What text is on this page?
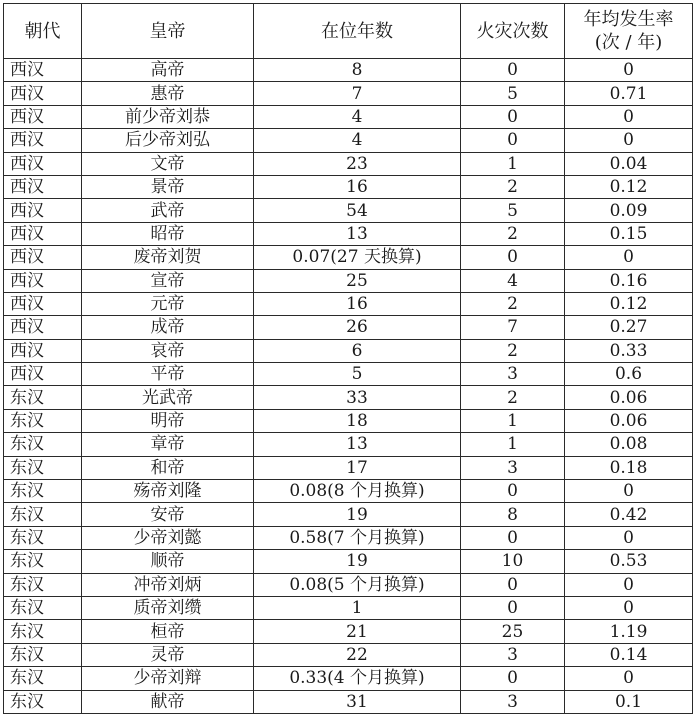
朝代	皇帝	在位年数	火灾次数	年均发生率
(次 / 年)

西汉	高帝	8	0	0
西汉	惠帝	7	5	0.71
西汉	前少帝刘恭	4	0	0
西汉	后少帝刘弘	4	0	0
西汉	文帝	23	1	0.04
西汉	景帝	16	2	0.12
西汉	武帝	54	5	0.09
西汉	昭帝	13	2	0.15
西汉	废帝刘贺	0.07(27 天换算)	0	0
西汉	宣帝	25	4	0.16
西汉	元帝	16	2	0.12
西汉	成帝	26	7	0.27
西汉	哀帝	6	2	0.33
西汉	平帝	5	3	0.6
东汉	光武帝	33	2	0.06
东汉	明帝	18	1	0.06
东汉	章帝	13	1	0.08
东汉	和帝	17	3	0.18
东汉	殇帝刘隆	0.08(8 个月换算)	0	0
东汉	安帝	19	8	0.42
东汉	少帝刘懿	0.58(7 个月换算)	0	0
东汉	顺帝	19	10	0.53
东汉	冲帝刘炳	0.08(5 个月换算)	0	0
东汉	质帝刘缵	1	0	0
东汉	桓帝	21	25	1.19
东汉	灵帝	22	3	0.14
东汉	少帝刘辩	0.33(4 个月换算)	0	0
东汉	献帝	31	3	0.1
